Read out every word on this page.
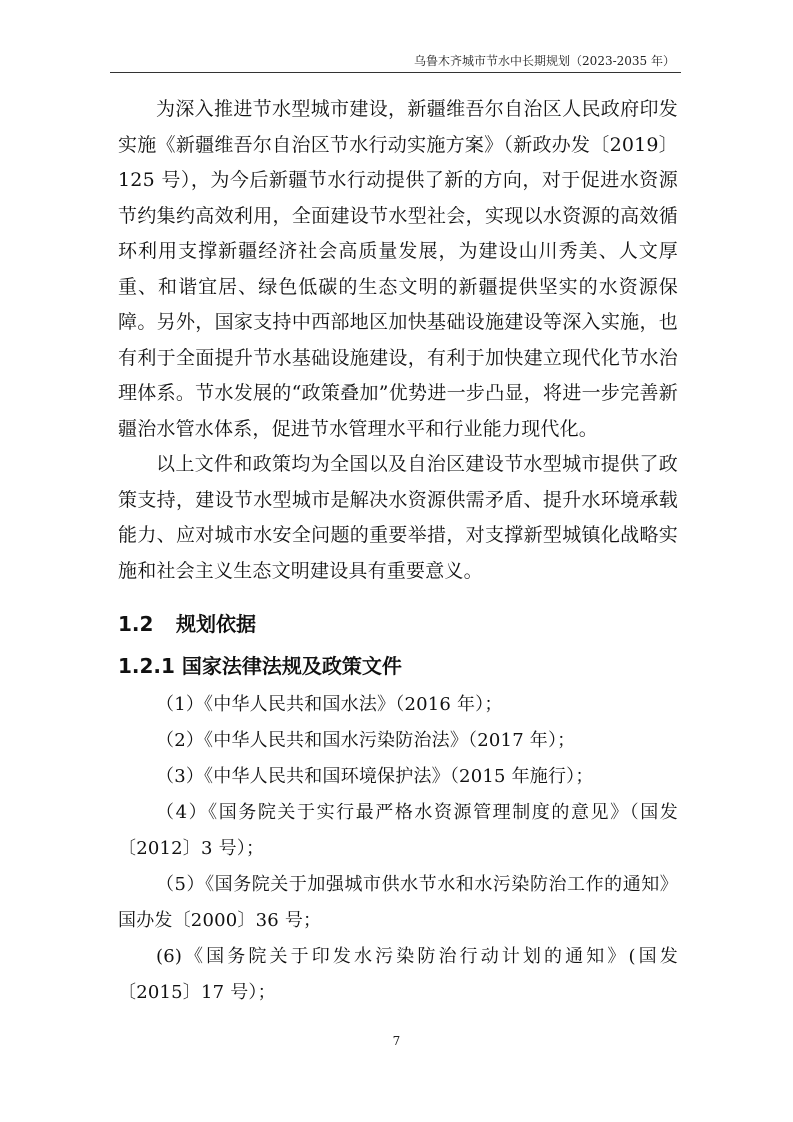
乌鲁木齐城市节水中长期规划（2023-2035 年）

为深入推进节水型城市建设，新疆维吾尔自治区人民政府印发实施《新疆维吾尔自治区节水行动实施方案》（新政办发〔2019〕125 号），为今后新疆节水行动提供了新的方向，对于促进水资源节约集约高效利用，全面建设节水型社会，实现以水资源的高效循环利用支撑新疆经济社会高质量发展，为建设山川秀美、人文厚重、和谐宜居、绿色低碳的生态文明的新疆提供坚实的水资源保障。另外，国家支持中西部地区加快基础设施建设等深入实施，也有利于全面提升节水基础设施建设，有利于加快建立现代化节水治理体系。节水发展的“政策叠加”优势进一步凸显，将进一步完善新疆治水管水体系，促进节水管理水平和行业能力现代化。

以上文件和政策均为全国以及自治区建设节水型城市提供了政策支持，建设节水型城市是解决水资源供需矛盾、提升水环境承载能力、应对城市水安全问题的重要举措，对支撑新型城镇化战略实施和社会主义生态文明建设具有重要意义。

1.2 规划依据
1.2.1 国家法律法规及政策文件
（1）《中华人民共和国水法》（2016 年）；
（2）《中华人民共和国水污染防治法》（2017 年）；
（3）《中华人民共和国环境保护法》（2015 年施行）；
（4）《国务院关于实行最严格水资源管理制度的意见》（国发〔2012〕3 号）；
（5）《国务院关于加强城市供水节水和水污染防治工作的通知》国办发〔2000〕36 号；
(6)《国务院关于印发水污染防治行动计划的通知》(国发〔2015〕17 号）；
7
